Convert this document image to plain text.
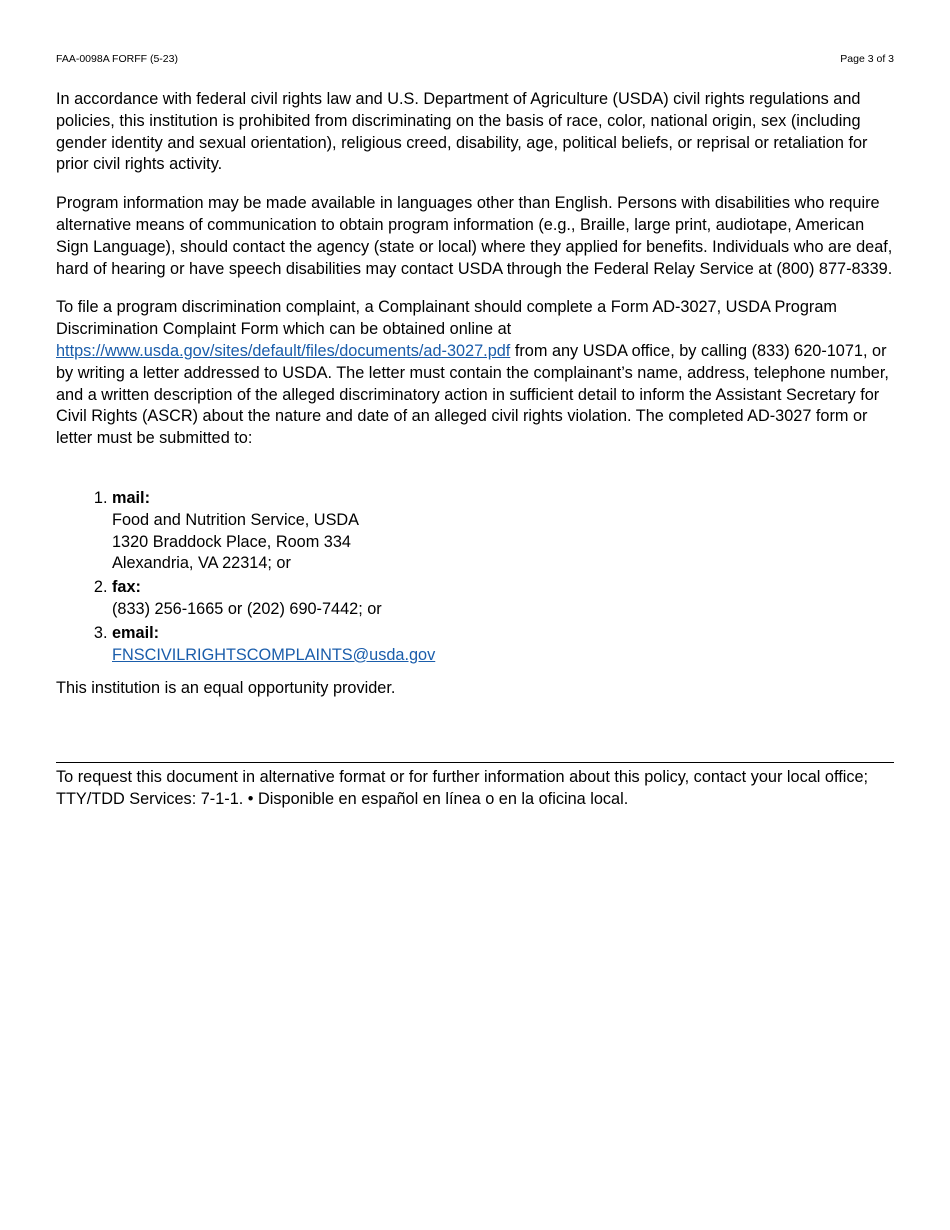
FAA-0098A FORFF (5-23)	Page 3 of 3

In accordance with federal civil rights law and U.S. Department of Agriculture (USDA) civil rights regulations and policies, this institution is prohibited from discriminating on the basis of race, color, national origin, sex (including gender identity and sexual orientation), religious creed, disability, age, political beliefs, or reprisal or retaliation for prior civil rights activity.

Program information may be made available in languages other than English. Persons with disabilities who require alternative means of communication to obtain program information (e.g., Braille, large print, audiotape, American Sign Language), should contact the agency (state or local) where they applied for benefits. Individuals who are deaf, hard of hearing or have speech disabilities may contact USDA through the Federal Relay Service at (800) 877-8339.

To file a program discrimination complaint, a Complainant should complete a Form AD-3027, USDA Program Discrimination Complaint Form which can be obtained online at
https://www.usda.gov/sites/default/files/documents/ad-3027.pdf from any USDA office, by calling (833) 620-1071, or by writing a letter addressed to USDA. The letter must contain the complainant’s name, address, telephone number, and a written description of the alleged discriminatory action in sufficient detail to inform the Assistant Secretary for Civil Rights (ASCR) about the nature and date of an alleged civil rights violation. The completed AD-3027 form or letter must be submitted to:

1. mail:
Food and Nutrition Service, USDA
1320 Braddock Place, Room 334
Alexandria, VA 22314; or
2. fax:
(833) 256-1665 or (202) 690-7442; or
3. email:
FNSCIVILRIGHTSCOMPLAINTS@usda.gov
This institution is an equal opportunity provider.
To request this document in alternative format or for further information about this policy, contact your local office; TTY/TDD Services: 7-1-1. • Disponible en español en línea o en la oficina local.
